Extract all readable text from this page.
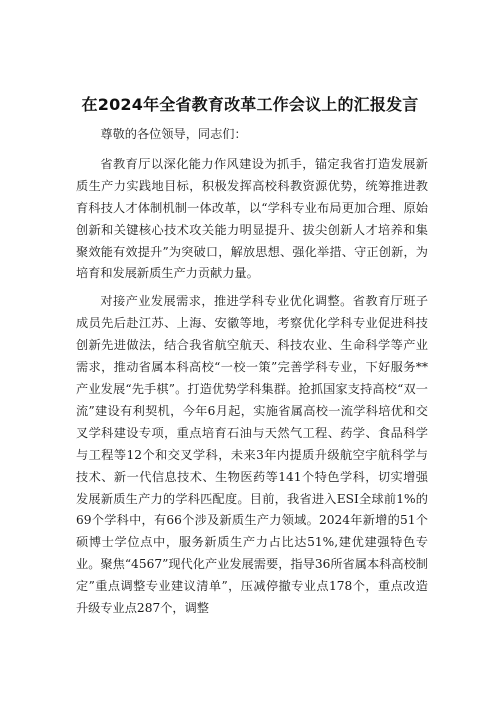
在2024年全省教育改革工作会议上的汇报发言

尊敬的各位领导，同志们：

省教育厅以深化能力作风建设为抓手，锚定我省打造发展新质生产力实践地目标，积极发挥高校科教资源优势，统筹推进教育科技人才体制机制一体改革，以“学科专业布局更加合理、原始创新和关键核心技术攻关能力明显提升、拔尖创新人才培养和集聚效能有效提升”为突破口，解放思想、强化举措、守正创新，为培育和发展新质生产力贡献力量。

对接产业发展需求，推进学科专业优化调整。省教育厅班子成员先后赴江苏、上海、安徽等地，考察优化学科专业促进科技创新先进做法，结合我省航空航天、科技农业、生命科学等产业需求，推动省属本科高校“一校一策”完善学科专业，下好服务**产业发展“先手棋”。打造优势学科集群。抢抓国家支持高校“双一流”建设有利契机，今年6月起，实施省属高校一流学科培优和交叉学科建设专项，重点培育石油与天然气工程、药学、食品科学与工程等12个和交叉学科，未来3年内提质升级航空宇航科学与技术、新一代信息技术、生物医药等141个特色学科，切实增强发展新质生产力的学科匹配度。目前，我省进入ESI全球前1%的69个学科中，有66个涉及新质生产力领域。2024年新增的51个硕博士学位点中，服务新质生产力占比达51%,建优建强特色专业。聚焦“4567”现代化产业发展需要，指导36所省属本科高校制定”重点调整专业建议清单”，压减停撤专业点178个，重点改造升级专业点287个，调整
